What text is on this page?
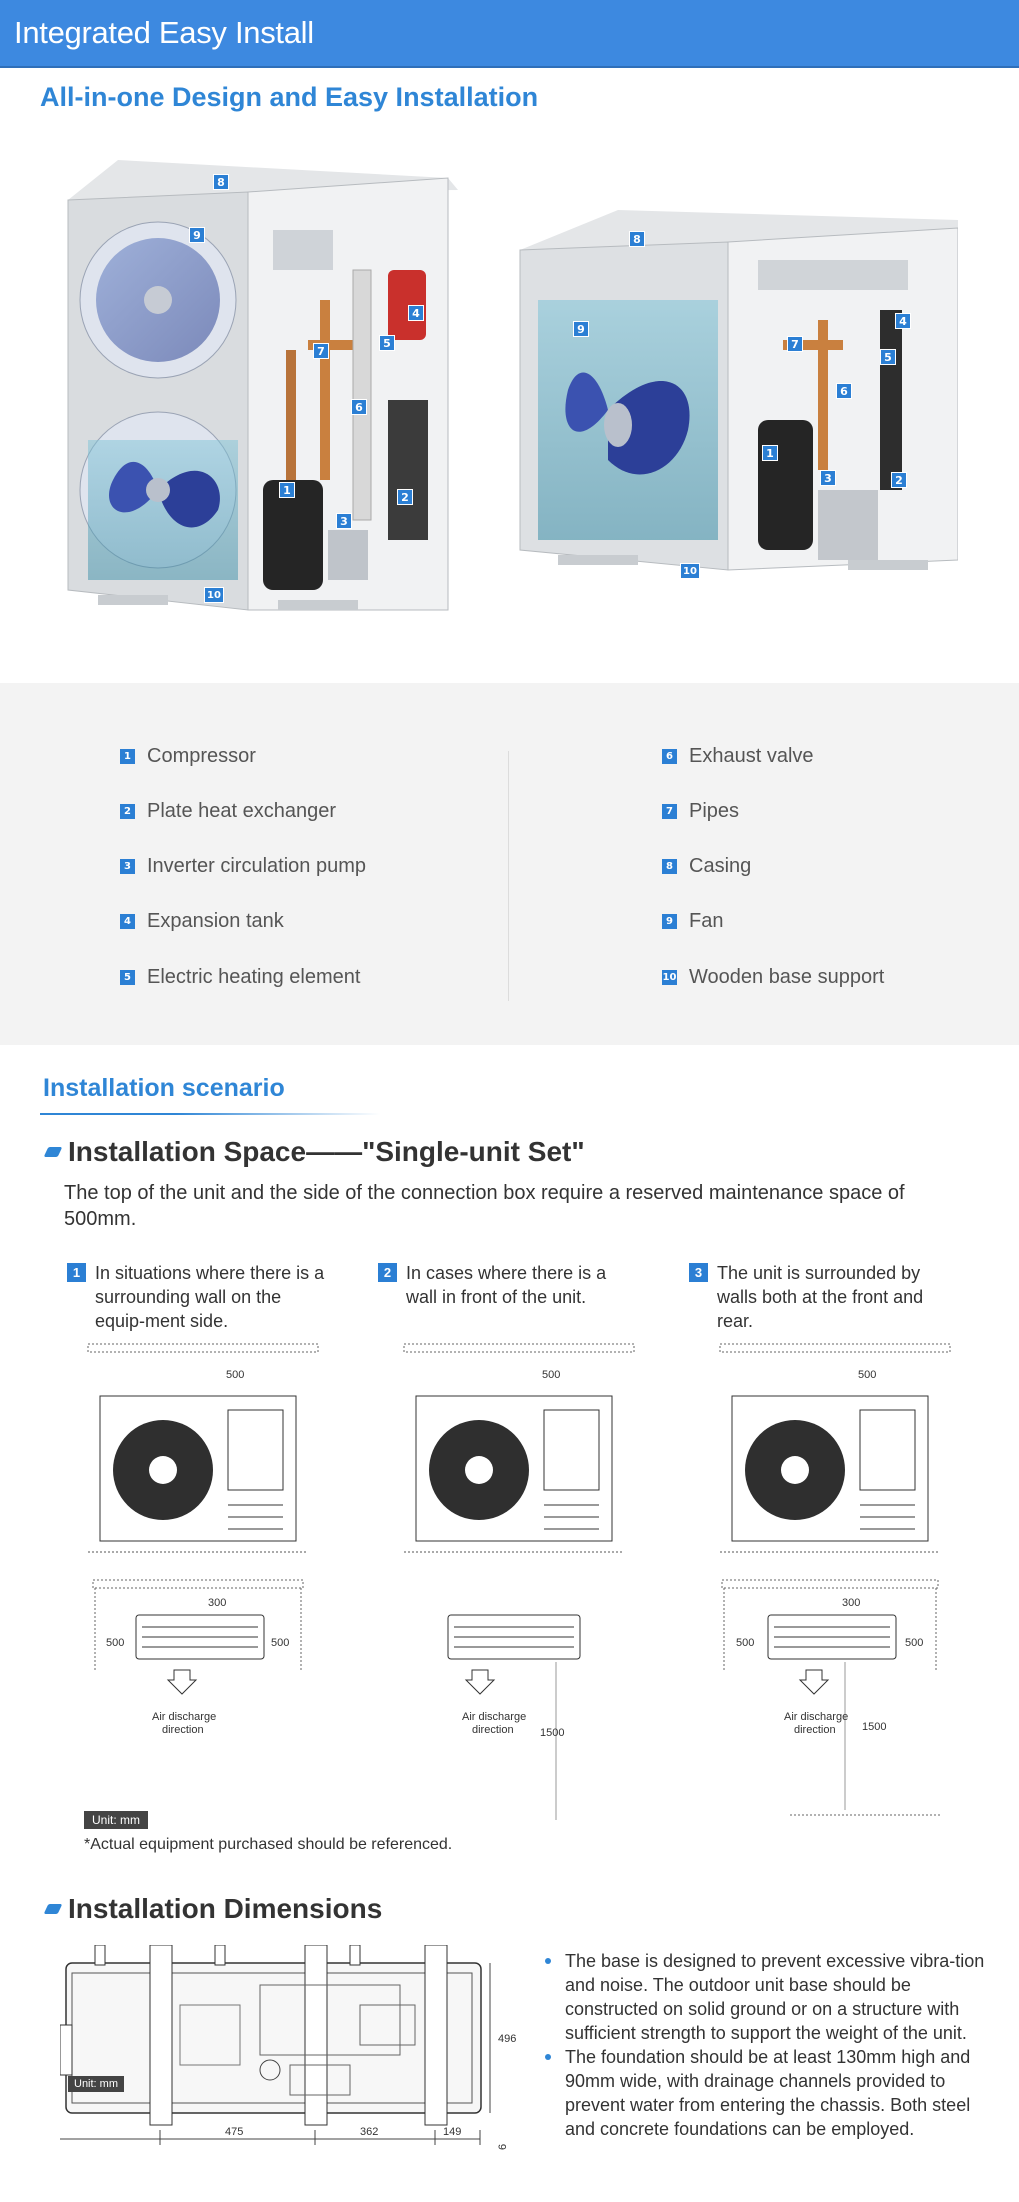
Integrated Easy Install
All-in-one Design and Easy Installation
8
9
7
4
5
6
1
2
3
10
8
9
7
4
5
6
1
3	2
10
1 Compressor
2 Plate heat exchanger
3 Inverter circulation pump
4 Expansion tank
5 Electric heating element
6 Exhaust valve
7 Pipes
8 Casing
9 Fan
10 Wooden base support
Installation scenario
Installation Space——"Single-unit Set"
The top of the unit and the side of the connection box require a reserved maintenance space of 500mm.
1 In situations where there is a surrounding wall on the equip-ment side.
2 In cases where there is a wall in front of the unit.
3 The unit is surrounded by walls both at the front and rear.
500
300
500	500
Air discharge
direction
500
Air discharge
direction 1500
500
300
500	500
Air discharge
direction 1500
Unit: mm
*Actual equipment purchased should be referenced.
Installation Dimensions
475	362	149
496
6
Unit: mm
The base is designed to prevent excessive vibra-tion and noise. The outdoor unit base should be constructed on solid ground or on a structure with sufficient strength to support the weight of the unit.
The foundation should be at least 130mm high and 90mm wide, with drainage channels provided to prevent water from entering the chassis. Both steel and concrete foundations can be employed.
